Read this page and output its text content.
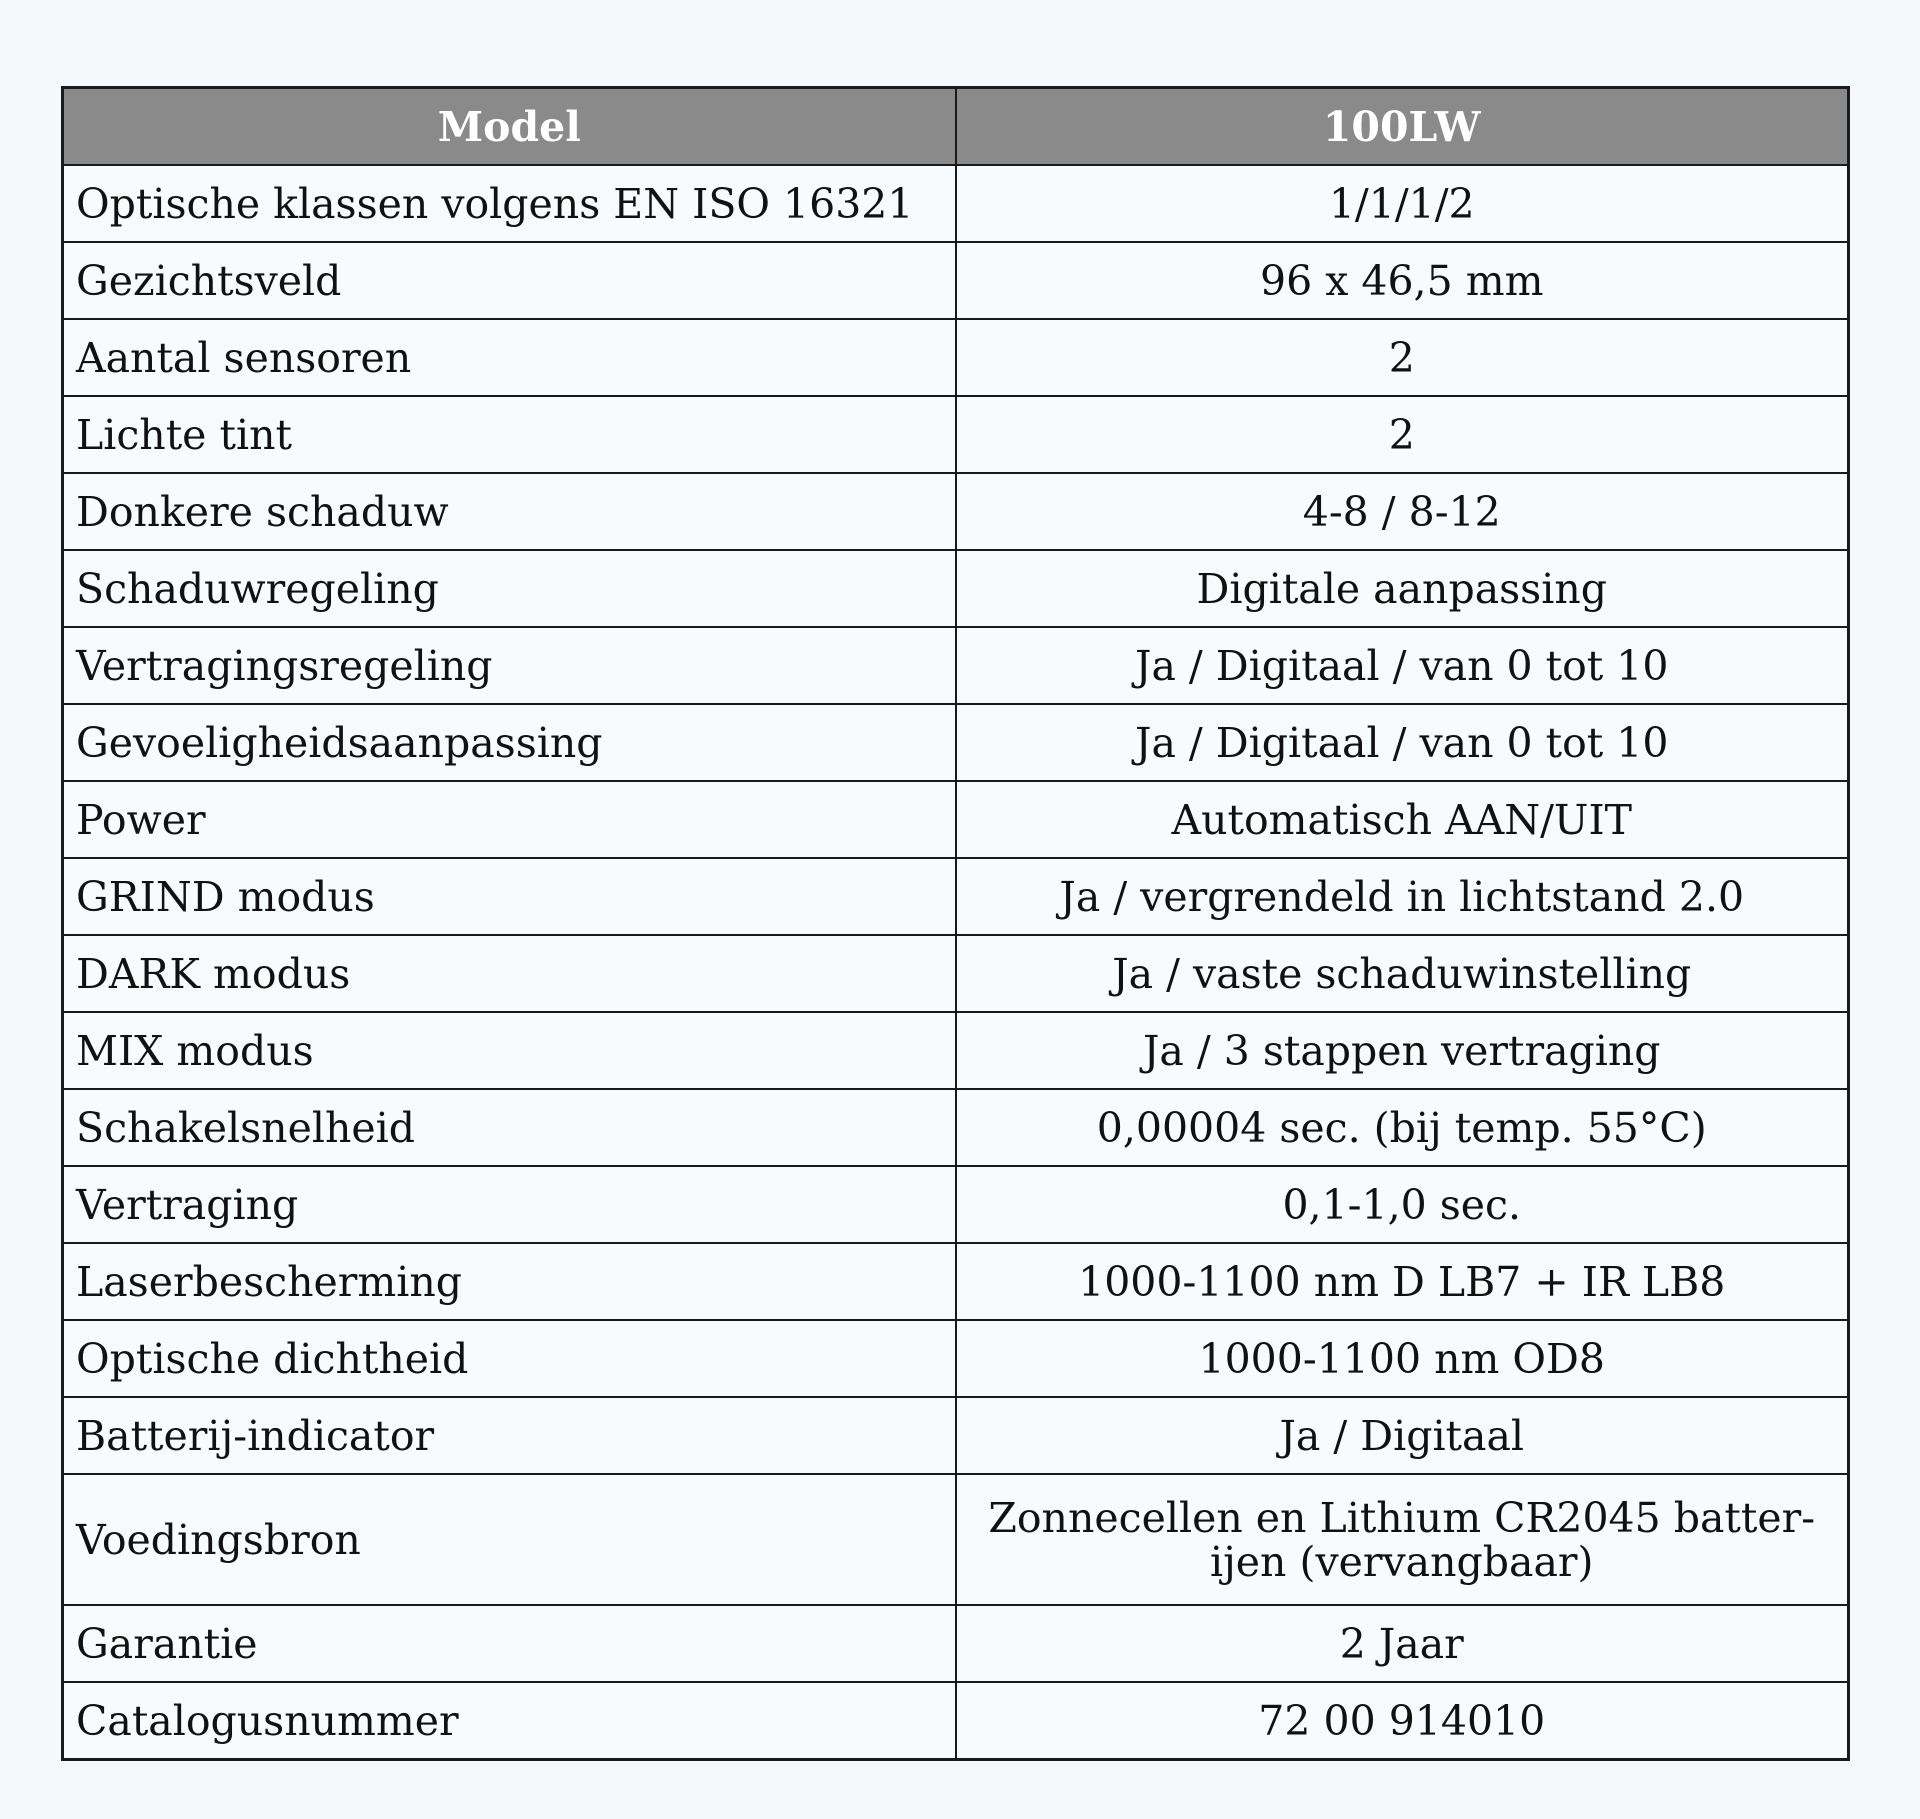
Model	100LW
Optische klassen volgens EN ISO 16321	1/1/1/2
Gezichtsveld	96 x 46,5 mm
Aantal sensoren	2
Lichte tint	2
Donkere schaduw	4-8 / 8-12
Schaduwregeling	Digitale aanpassing
Vertragingsregeling	Ja / Digitaal / van 0 tot 10
Gevoeligheidsaanpassing	Ja / Digitaal / van 0 tot 10
Power	Automatisch AAN/UIT
GRIND modus	Ja / vergrendeld in lichtstand 2.0
DARK modus	Ja / vaste schaduwinstelling
MIX modus	Ja / 3 stappen vertraging
Schakelsnelheid	0,00004 sec. (bij temp. 55°C)
Vertraging	0,1-1,0 sec.
Laserbescherming	1000-1100 nm D LB7 + IR LB8
Optische dichtheid	1000-1100 nm OD8
Batterij-indicator	Ja / Digitaal
Voedingsbron	Zonnecellen en Lithium CR2045 batter-
ijen (vervangbaar)
Garantie	2 Jaar
Catalogusnummer	72 00 914010
